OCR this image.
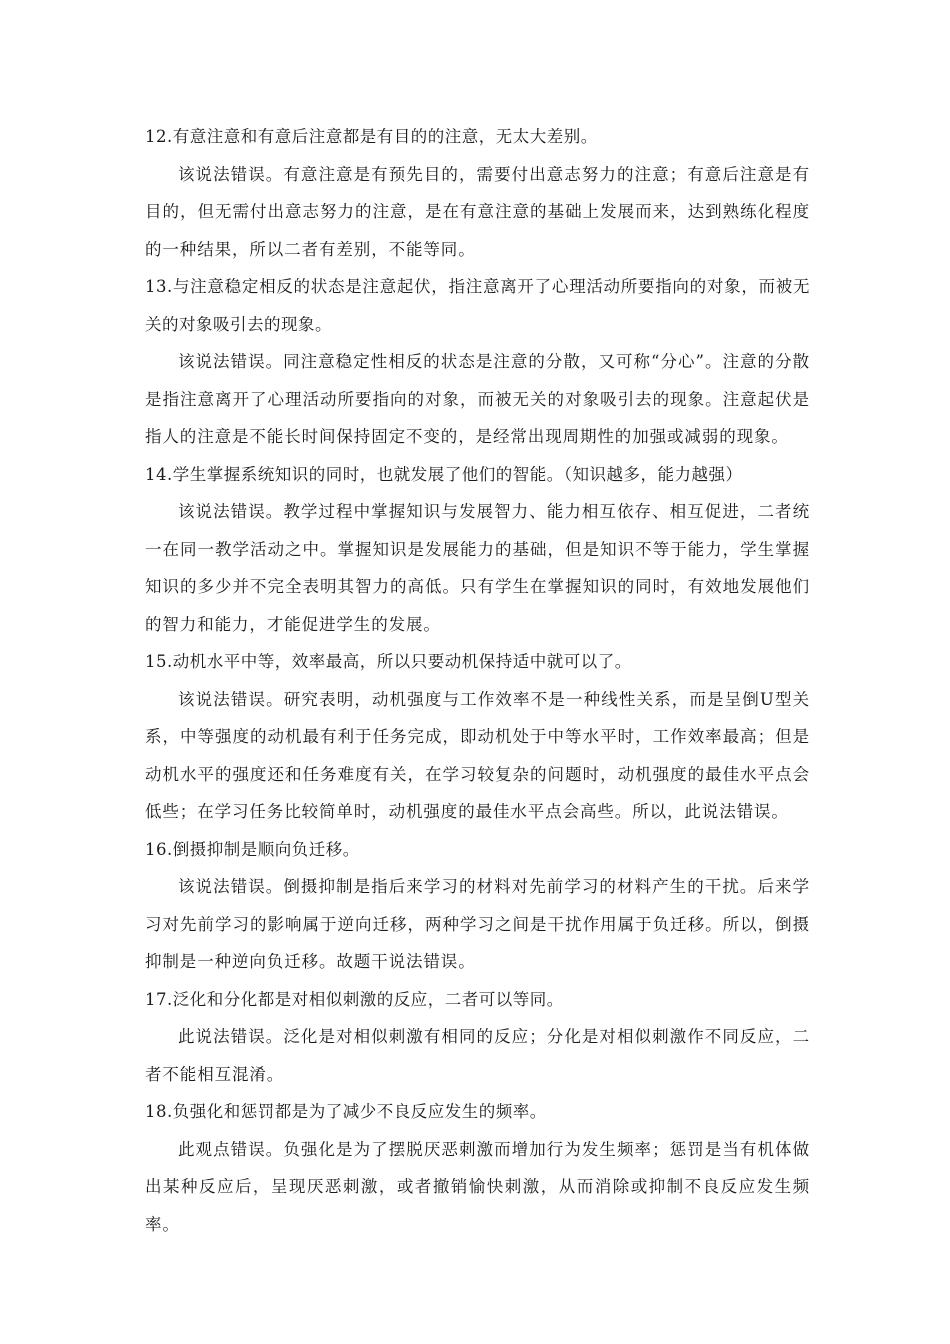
12.有意注意和有意后注意都是有目的的注意，无太大差别。

该说法错误。有意注意是有预先目的，需要付出意志努力的注意；有意后注意是有目的，但无需付出意志努力的注意，是在有意注意的基础上发展而来，达到熟练化程度的一种结果，所以二者有差别，不能等同。

13.与注意稳定相反的状态是注意起伏，指注意离开了心理活动所要指向的对象，而被无关的对象吸引去的现象。

该说法错误。同注意稳定性相反的状态是注意的分散，又可称“分心”。注意的分散是指注意离开了心理活动所要指向的对象，而被无关的对象吸引去的现象。注意起伏是指人的注意是不能长时间保持固定不变的，是经常出现周期性的加强或减弱的现象。

14.学生掌握系统知识的同时，也就发展了他们的智能。（知识越多，能力越强）

该说法错误。教学过程中掌握知识与发展智力、能力相互依存、相互促进，二者统一在同一教学活动之中。掌握知识是发展能力的基础，但是知识不等于能力，学生掌握知识的多少并不完全表明其智力的高低。只有学生在掌握知识的同时，有效地发展他们的智力和能力，才能促进学生的发展。

15.动机水平中等，效率最高，所以只要动机保持适中就可以了。

该说法错误。研究表明，动机强度与工作效率不是一种线性关系，而是呈倒U型关系，中等强度的动机最有利于任务完成，即动机处于中等水平时，工作效率最高；但是动机水平的强度还和任务难度有关，在学习较复杂的问题时，动机强度的最佳水平点会低些；在学习任务比较简单时，动机强度的最佳水平点会高些。所以，此说法错误。

16.倒摄抑制是顺向负迁移。

该说法错误。倒摄抑制是指后来学习的材料对先前学习的材料产生的干扰。后来学习对先前学习的影响属于逆向迁移，两种学习之间是干扰作用属于负迁移。所以，倒摄抑制是一种逆向负迁移。故题干说法错误。

17.泛化和分化都是对相似刺激的反应，二者可以等同。

此说法错误。泛化是对相似刺激有相同的反应；分化是对相似刺激作不同反应，二者不能相互混淆。

18.负强化和惩罚都是为了减少不良反应发生的频率。

此观点错误。负强化是为了摆脱厌恶刺激而增加行为发生频率；惩罚是当有机体做出某种反应后，呈现厌恶刺激，或者撤销愉快刺激，从而消除或抑制不良反应发生频率。
